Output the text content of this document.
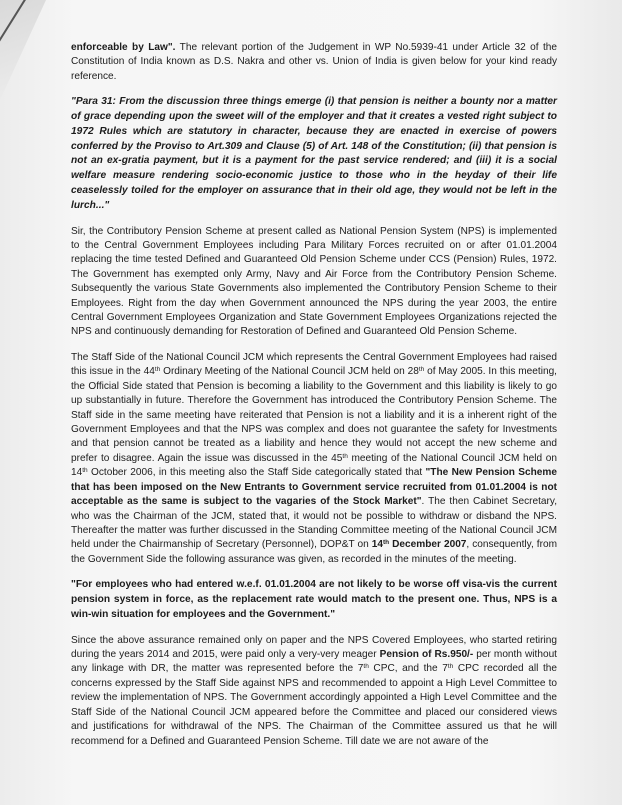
enforceable by Law". The relevant portion of the Judgement in WP No.5939-41 under Article 32 of the Constitution of India known as D.S. Nakra and other vs. Union of India is given below for your kind ready reference.

"Para 31: From the discussion three things emerge (i) that pension is neither a bounty nor a matter of grace depending upon the sweet will of the employer and that it creates a vested right subject to 1972 Rules which are statutory in character, because they are enacted in exercise of powers conferred by the Proviso to Art.309 and Clause (5) of Art. 148 of the Constitution; (ii) that pension is not an ex-gratia payment, but it is a payment for the past service rendered; and (iii) it is a social welfare measure rendering socio-economic justice to those who in the heyday of their life ceaselessly toiled for the employer on assurance that in their old age, they would not be left in the lurch..."

Sir, the Contributory Pension Scheme at present called as National Pension System (NPS) is implemented to the Central Government Employees including Para Military Forces recruited on or after 01.01.2004 replacing the time tested Defined and Guaranteed Old Pension Scheme under CCS (Pension) Rules, 1972. The Government has exempted only Army, Navy and Air Force from the Contributory Pension Scheme. Subsequently the various State Governments also implemented the Contributory Pension Scheme to their Employees. Right from the day when Government announced the NPS during the year 2003, the entire Central Government Employees Organization and State Government Employees Organizations rejected the NPS and continuously demanding for Restoration of Defined and Guaranteed Old Pension Scheme.

The Staff Side of the National Council JCM which represents the Central Government Employees had raised this issue in the 44th Ordinary Meeting of the National Council JCM held on 28th of May 2005. In this meeting, the Official Side stated that Pension is becoming a liability to the Government and this liability is likely to go up substantially in future. Therefore the Government has introduced the Contributory Pension Scheme. The Staff side in the same meeting have reiterated that Pension is not a liability and it is a inherent right of the Government Employees and that the NPS was complex and does not guarantee the safety for Investments and that pension cannot be treated as a liability and hence they would not accept the new scheme and prefer to disagree. Again the issue was discussed in the 45th meeting of the National Council JCM held on 14th October 2006, in this meeting also the Staff Side categorically stated that "The New Pension Scheme that has been imposed on the New Entrants to Government service recruited from 01.01.2004 is not acceptable as the same is subject to the vagaries of the Stock Market". The then Cabinet Secretary, who was the Chairman of the JCM, stated that, it would not be possible to withdraw or disband the NPS. Thereafter the matter was further discussed in the Standing Committee meeting of the National Council JCM held under the Chairmanship of Secretary (Personnel), DOP&T on 14th December 2007, consequently, from the Government Side the following assurance was given, as recorded in the minutes of the meeting.

"For employees who had entered w.e.f. 01.01.2004 are not likely to be worse off visa-vis the current pension system in force, as the replacement rate would match to the present one. Thus, NPS is a win-win situation for employees and the Government."

Since the above assurance remained only on paper and the NPS Covered Employees, who started retiring during the years 2014 and 2015, were paid only a very-very meager Pension of Rs.950/- per month without any linkage with DR, the matter was represented before the 7th CPC, and the 7th CPC recorded all the concerns expressed by the Staff Side against NPS and recommended to appoint a High Level Committee to review the implementation of NPS. The Government accordingly appointed a High Level Committee and the Staff Side of the National Council JCM appeared before the Committee and placed our considered views and justifications for withdrawal of the NPS. The Chairman of the Committee assured us that he will recommend for a Defined and Guaranteed Pension Scheme. Till date we are not aware of the
